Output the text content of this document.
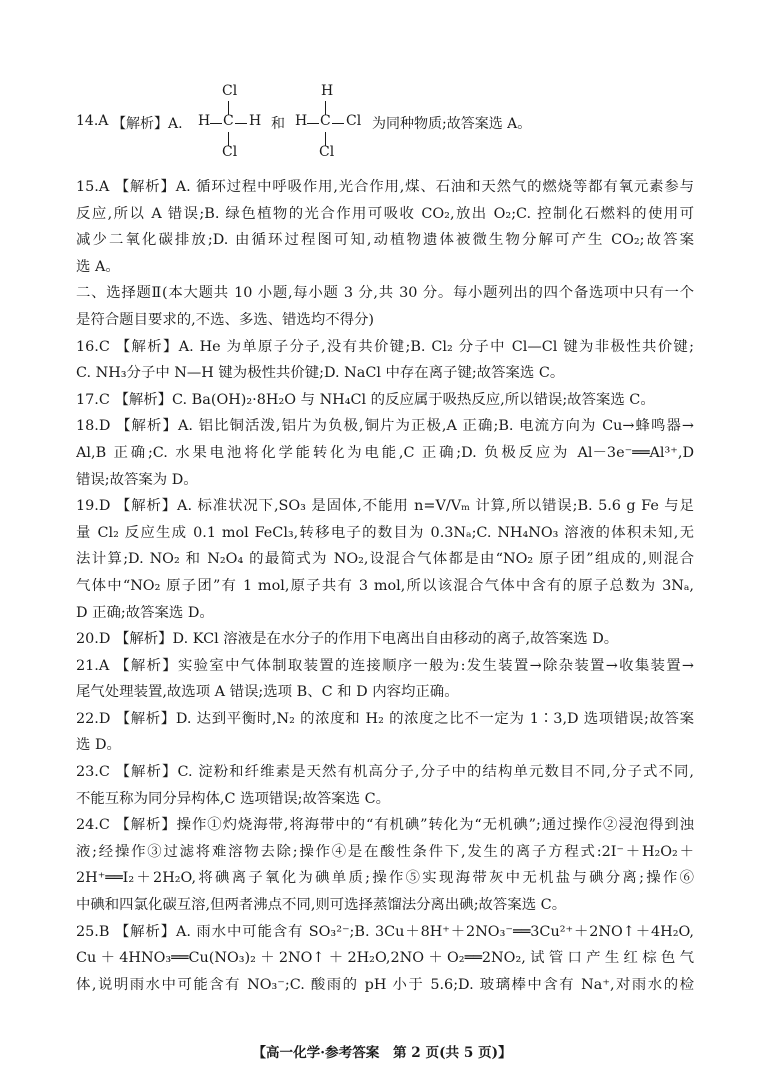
14.A 【解析】A.
Cl
H C H
Cl
和
H
H C Cl
Cl
为同种物质;故答案选 A。
15.A 【解析】A. 循环过程中呼吸作用,光合作用,煤、石油和天然气的燃烧等都有氧元素参与
反应,所以 A 错误;B. 绿色植物的光合作用可吸收 CO₂,放出 O₂;C. 控制化石燃料的使用可
减少二氧化碳排放;D. 由循环过程图可知,动植物遗体被微生物分解可产生 CO₂;故答案
选 A。
二、选择题Ⅱ(本大题共 10 小题,每小题 3 分,共 30 分。每小题列出的四个备选项中只有一个
是符合题目要求的,不选、多选、错选均不得分)
16.C 【解析】A. He 为单原子分子,没有共价键;B. Cl₂ 分子中 Cl—Cl 键为非极性共价键;
C. NH₃分子中 N—H 键为极性共价键;D. NaCl 中存在离子键;故答案选 C。
17.C 【解析】C. Ba(OH)₂·8H₂O 与 NH₄Cl 的反应属于吸热反应,所以错误;故答案选 C。
18.D 【解析】A. 铝比铜活泼,铝片为负极,铜片为正极,A 正确;B. 电流方向为 Cu→蜂鸣器→
Al,B 正确;C. 水果电池将化学能转化为电能,C 正确;D. 负极反应为 Al－3e⁻══Al³⁺,D
错误;故答案为 D。
19.D 【解析】A. 标准状况下,SO₃ 是固体,不能用 n=V/Vₘ 计算,所以错误;B. 5.6 g Fe 与足
量 Cl₂ 反应生成 0.1 mol FeCl₃,转移电子的数目为 0.3Nₐ;C. NH₄NO₃ 溶液的体积未知,无
法计算;D. NO₂ 和 N₂O₄ 的最简式为 NO₂,设混合气体都是由“NO₂ 原子团”组成的,则混合
气体中“NO₂ 原子团”有 1 mol,原子共有 3 mol,所以该混合气体中含有的原子总数为 3Nₐ,
D 正确;故答案选 D。
20.D 【解析】D. KCl 溶液是在水分子的作用下电离出自由移动的离子,故答案选 D。
21.A 【解析】实验室中气体制取装置的连接顺序一般为:发生装置→除杂装置→收集装置→
尾气处理装置,故选项 A 错误;选项 B、C 和 D 内容均正确。
22.D 【解析】D. 达到平衡时,N₂ 的浓度和 H₂ 的浓度之比不一定为 1∶3,D 选项错误;故答案
选 D。
23.C 【解析】C. 淀粉和纤维素是天然有机高分子,分子中的结构单元数目不同,分子式不同,
不能互称为同分异构体,C 选项错误;故答案选 C。
24.C 【解析】操作①灼烧海带,将海带中的“有机碘”转化为“无机碘”;通过操作②浸泡得到浊
液;经操作③过滤将难溶物去除;操作④是在酸性条件下,发生的离子方程式:2I⁻＋H₂O₂＋
2H⁺══I₂＋2H₂O,将碘离子氧化为碘单质;操作⑤实现海带灰中无机盐与碘分离;操作⑥
中碘和四氯化碳互溶,但两者沸点不同,则可选择蒸馏法分离出碘;故答案选 C。
25.B 【解析】A. 雨水中可能含有 SO₃²⁻;B. 3Cu＋8H⁺＋2NO₃⁻══3Cu²⁺＋2NO↑＋4H₂O,
Cu＋4HNO₃══Cu(NO₃)₂＋2NO↑＋2H₂O,2NO＋O₂══2NO₂,试管口产生红棕色气
体,说明雨水中可能含有 NO₃⁻;C. 酸雨的 pH 小于 5.6;D. 玻璃棒中含有 Na⁺,对雨水的检
【高一化学·参考答案　第 2 页(共 5 页)】
